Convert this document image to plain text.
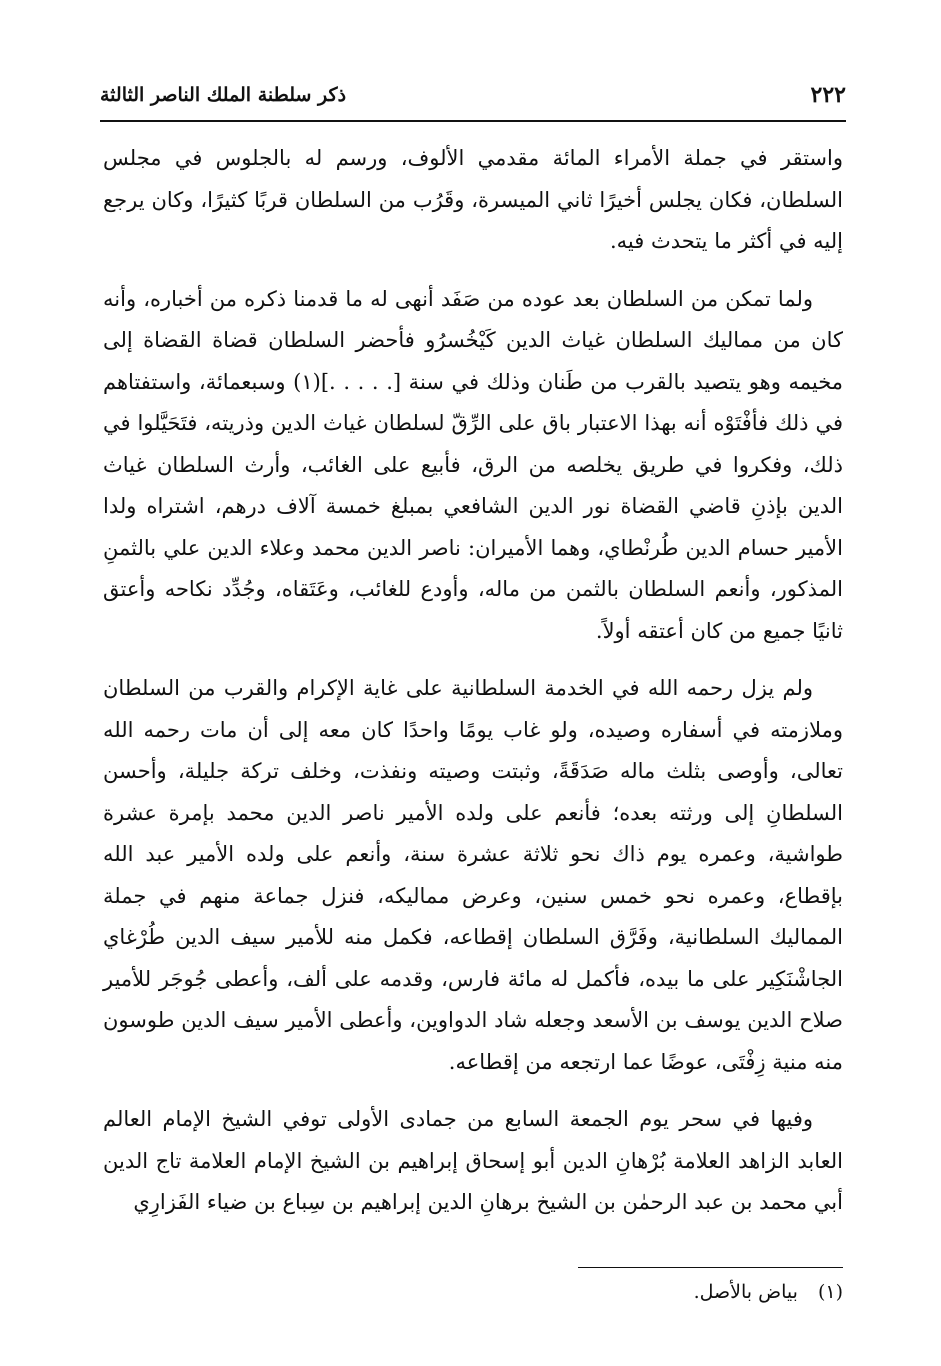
٢٢٢
ذكر سلطنة الملك الناصر الثالثة

واستقر في جملة الأمراء المائة مقدمي الألوف، ورسم له بالجلوس في مجلس السلطان، فكان يجلس أخيرًا ثاني الميسرة، وقَرُب من السلطان قربًا كثيرًا، وكان يرجع إليه في أكثر ما يتحدث فيه.

ولما تمكن من السلطان بعد عوده من صَفَد أنهى له ما قدمنا ذكره من أخباره، وأنه كان من مماليك السلطان غياث الدين كَيْخُسرُو فأحضر السلطان قضاة القضاة إلى مخيمه وهو يتصيد بالقرب من طَنان وذلك في سنة [. . . . .](١) وسبعمائة، واستفتاهم في ذلك فأفْتَوْه أنه بهذا الاعتبار باق على الرِّقّ لسلطان غياث الدين وذريته، فتَحَيَّلوا في ذلك، وفكروا في طريق يخلصه من الرق، فأبيع على الغائب، وأرث السلطان غياث الدين بإذنِ قاضي القضاة نور الدين الشافعي بمبلغ خمسة آلاف درهم، اشتراه ولدا الأمير حسام الدين طُرنْطاي، وهما الأميران: ناصر الدين محمد وعلاء الدين علي بالثمنِ المذكور، وأنعم السلطان بالثمن من ماله، وأودع للغائب، وعَتَقاه، وجُدِّد نكاحه وأعتق ثانيًا جميع من كان أعتقه أولاً.

ولم يزل رحمه الله في الخدمة السلطانية على غاية الإكرام والقرب من السلطان وملازمته في أسفاره وصيده، ولو غاب يومًا واحدًا كان معه إلى أن مات رحمه الله تعالى، وأوصى بثلث ماله صَدَقَةً، وثبتت وصيته ونفذت، وخلف تركة جليلة، وأحسن السلطانِ إلى ورثته بعده؛ فأنعم على ولده الأمير ناصر الدين محمد بإمرة عشرة طواشية، وعمره يوم ذاك نحو ثلاثة عشرة سنة، وأنعم على ولده الأمير عبد الله بإقطاع، وعمره نحو خمس سنين، وعرض مماليكه، فنزل جماعة منهم في جملة المماليك السلطانية، وفَرَّق السلطان إقطاعه، فكمل منه للأمير سيف الدين طُرْغاي الجاشْنَكِير على ما بيده، فأكمل له مائة فارس، وقدمه على ألف، وأعطى جُوجَر للأمير صلاح الدين يوسف بن الأسعد وجعله شاد الدواوين، وأعطى الأمير سيف الدين طوسون منه منية زِفْتَى، عوضًا عما ارتجعه من إقطاعه.

وفيها في سحر يوم الجمعة السابع من جمادى الأولى توفي الشيخ الإمام العالم العابد الزاهد العلامة بُرْهانِ الدين أبو إسحاق إبراهيم بن الشيخ الإمام العلامة تاج الدين أبي محمد بن عبد الرحمٰن بن الشيخ برهانِ الدين إبراهيم بن سِباع بن ضياء الفَزارِي

(١) بياض بالأصل.
